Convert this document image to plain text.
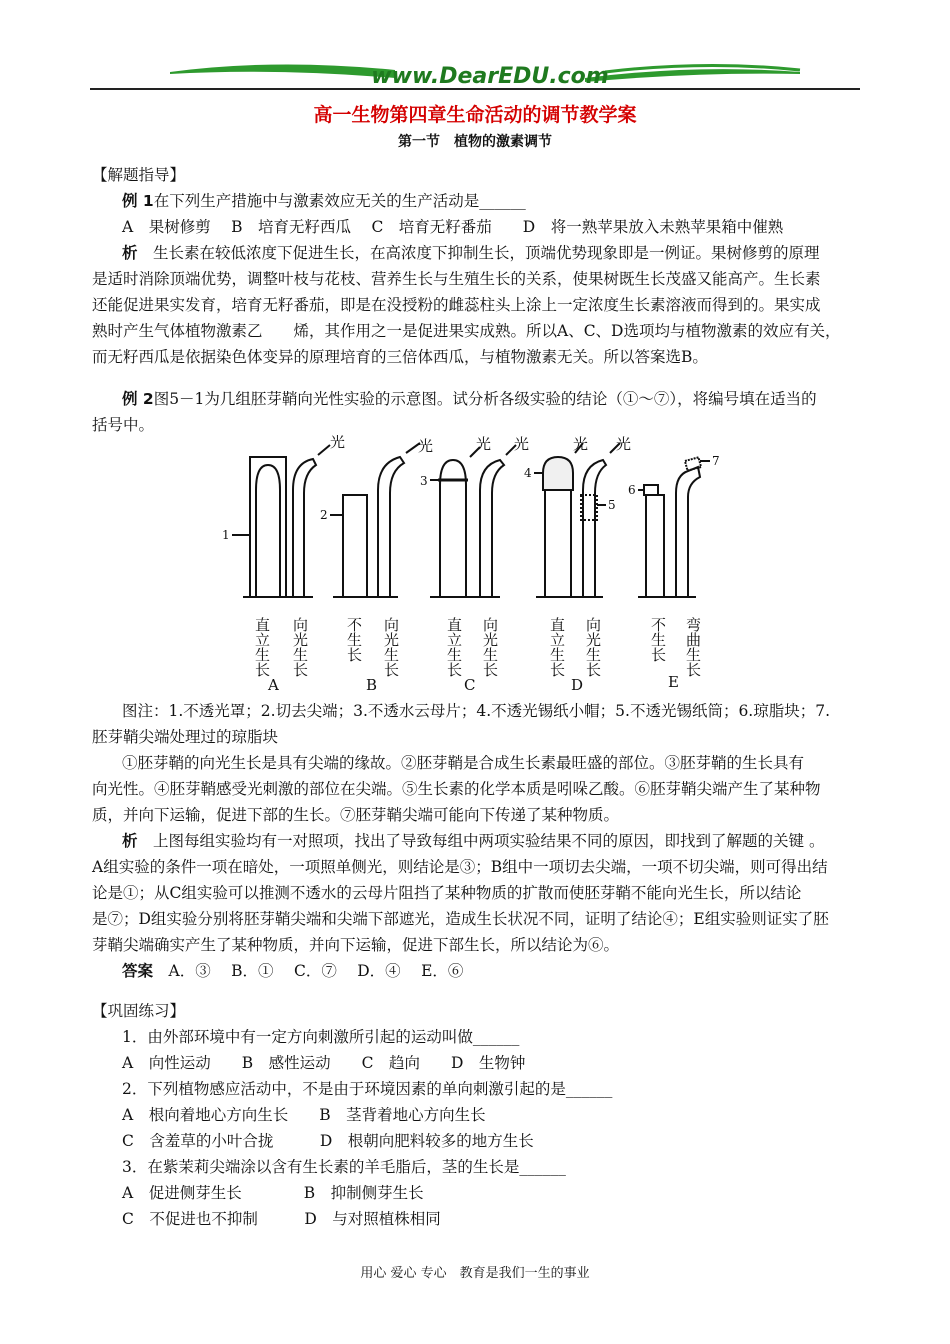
www.DearEDU.com
高一生物第四章生命活动的调节教学案
第一节　植物的激素调节
【解题指导】
例 1在下列生产措施中与激素效应无关的生产活动是______
A　果树修剪　 B　培育无籽西瓜　 C　培育无籽番茄　　D　将一熟苹果放入未熟苹果箱中催熟
析　生长素在较低浓度下促进生长，在高浓度下抑制生长，顶端优势现象即是一例证。果树修剪的原理
是适时消除顶端优势，调整叶枝与花枝、营养生长与生殖生长的关系，使果树既生长茂盛又能高产。生长素
还能促进果实发育，培育无籽番茄，即是在没授粉的雌蕊柱头上涂上一定浓度生长素溶液而得到的。果实成
熟时产生气体植物激素乙　　烯，其作用之一是促进果实成熟。所以A、C、D选项均与植物激素的效应有关，
而无籽西瓜是依据染色体变异的原理培育的三倍体西瓜，与植物激素无关。所以答案选B。
例 2图5－1为几组胚芽鞘向光性实验的示意图。试分析各级实验的结论（①～⑦），将编号填在适当的
括号中。
光	光	光 光	光 光
1
2
3
4
5
6
7
直立生长 向光生长 不生长 向光生长	直立生长 向光生长	直立生长 向光生长	不生长 弯曲生长
A	B	C	D	E
图注：1.不透光罩；2.切去尖端；3.不透水云母片；4.不透光锡纸小帽；5.不透光锡纸筒；6.琼脂块；7.
胚芽鞘尖端处理过的琼脂块
①胚芽鞘的向光生长是具有尖端的缘故。②胚芽鞘是合成生长素最旺盛的部位。③胚芽鞘的生长具有
向光性。④胚芽鞘感受光刺激的部位在尖端。⑤生长素的化学本质是吲哚乙酸。⑥胚芽鞘尖端产生了某种物
质，并向下运输，促进下部的生长。⑦胚芽鞘尖端可能向下传递了某种物质。
析　上图每组实验均有一对照项，找出了导致每组中两项实验结果不同的原因，即找到了解题的关键 。
A组实验的条件一项在暗处，一项照单侧光，则结论是③；B组中一项切去尖端，一项不切尖端，则可得出结
论是①；从C组实验可以推测不透水的云母片阻挡了某种物质的扩散而使胚芽鞘不能向光生长，所以结论
是⑦；D组实验分别将胚芽鞘尖端和尖端下部遮光，造成生长状况不同，证明了结论④；E组实验则证实了胚
芽鞘尖端确实产生了某种物质，并向下运输，促进下部生长，所以结论为⑥。
答案　A．③　 B．①　 C．⑦　 D．④　 E．⑥
【巩固练习】
1．由外部环境中有一定方向刺激所引起的运动叫做______
A　向性运动　　B　感性运动　　C　趋向　　D　生物钟
2．下列植物感应活动中，不是由于环境因素的单向刺激引起的是______
A　根向着地心方向生长　　B　茎背着地心方向生长
C　含羞草的小叶合拢　　　D　根朝向肥料较多的地方生长
3．在紫茉莉尖端涂以含有生长素的羊毛脂后，茎的生长是______
A　促进侧芽生长　　　　B　抑制侧芽生长
C　不促进也不抑制　　　D　与对照植株相同
用心 爱心 专心　教育是我们一生的事业
